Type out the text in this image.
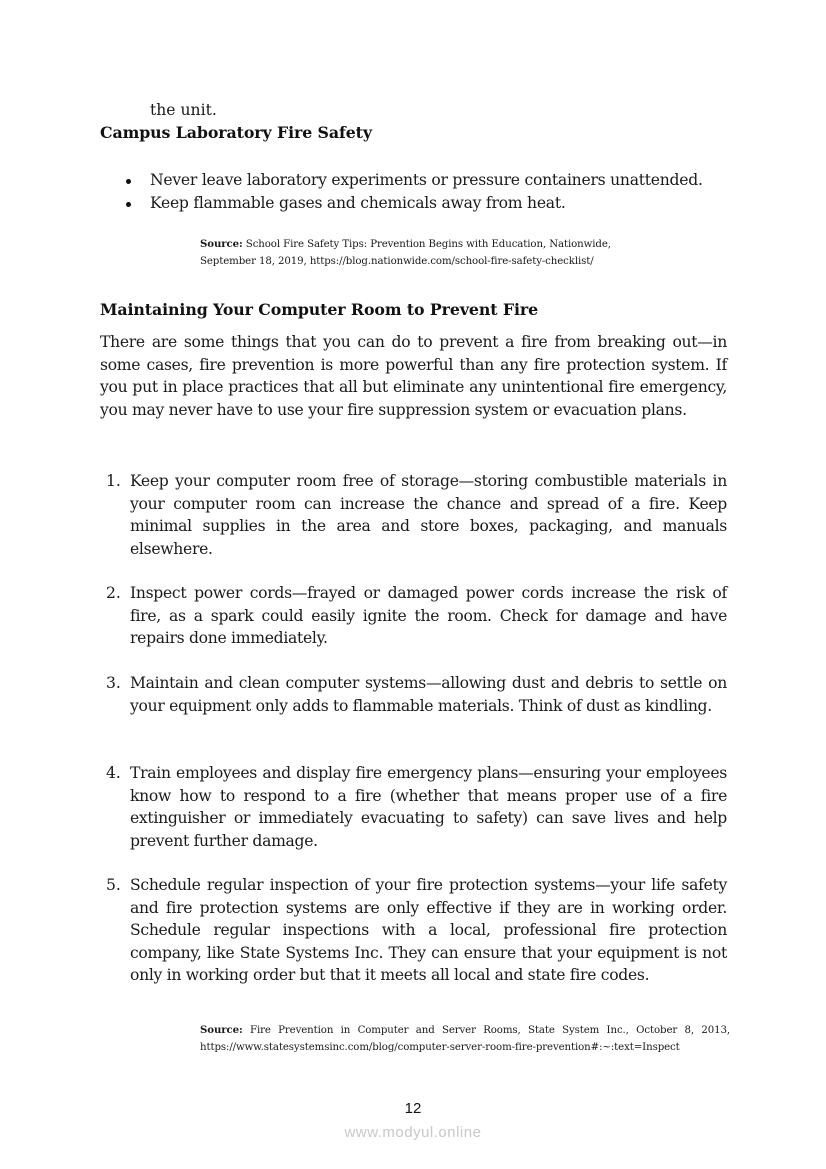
the unit.
Campus Laboratory Fire Safety
Never leave laboratory experiments or pressure containers unattended.
Keep flammable gases and chemicals away from heat.
Source: School Fire Safety Tips: Prevention Begins with Education, Nationwide, September 18, 2019, https://blog.nationwide.com/school-fire-safety-checklist/
Maintaining Your Computer Room to Prevent Fire
There are some things that you can do to prevent a fire from breaking out—in some cases, fire prevention is more powerful than any fire protection system. If you put in place practices that all but eliminate any unintentional fire emergency, you may never have to use your fire suppression system or evacuation plans.
1. Keep your computer room free of storage—storing combustible materials in your computer room can increase the chance and spread of a fire. Keep minimal supplies in the area and store boxes, packaging, and manuals elsewhere.
2. Inspect power cords—frayed or damaged power cords increase the risk of fire, as a spark could easily ignite the room. Check for damage and have repairs done immediately.
3. Maintain and clean computer systems—allowing dust and debris to settle on your equipment only adds to flammable materials. Think of dust as kindling.
4. Train employees and display fire emergency plans—ensuring your employees know how to respond to a fire (whether that means proper use of a fire extinguisher or immediately evacuating to safety) can save lives and help prevent further damage.
5. Schedule regular inspection of your fire protection systems—your life safety and fire protection systems are only effective if they are in working order. Schedule regular inspections with a local, professional fire protection company, like State Systems Inc. They can ensure that your equipment is not only in working order but that it meets all local and state fire codes.
Source: Fire Prevention in Computer and Server Rooms, State System Inc., October 8, 2013, https://www.statesystemsinc.com/blog/computer-server-room-fire-prevention#:~:text=Inspect
12
www.modyul.online
